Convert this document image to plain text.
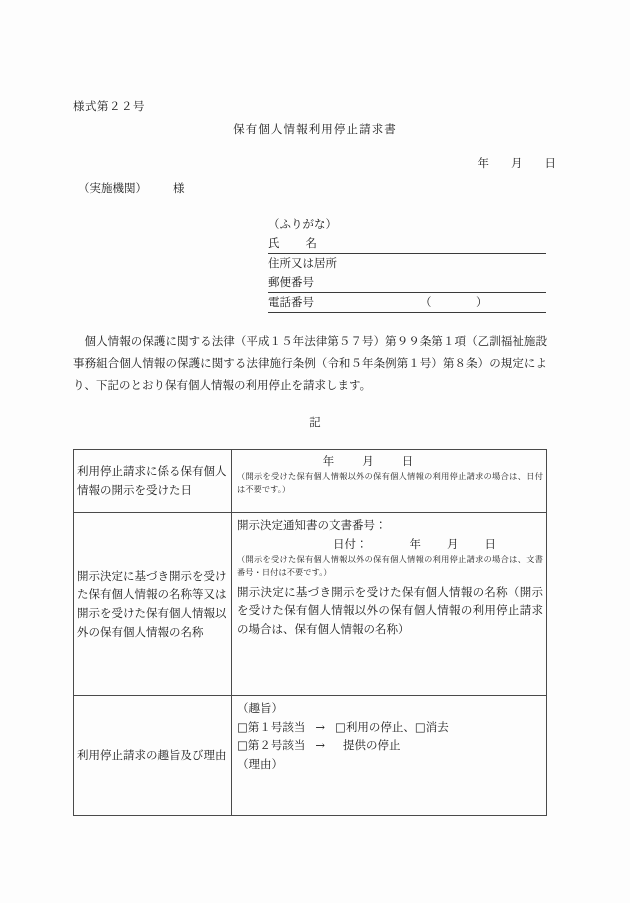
様式第２２号
保有個人情報利用停止請求書
年 月 日
（実施機関） 様
（ふりがな）
氏 名
住所又は居所
郵便番号
電話番号	（	）
個人情報の保護に関する法律（平成１５年法律第５７号）第９９条第１項（乙訓福祉施設事務組合個人情報の保護に関する法律施行条例（令和５年条例第１号）第８条）の規定により、下記のとおり保有個人情報の利用停止を請求します。
記
利用停止請求に係る保有個人情報の開示を受けた日	年 月 日
（開示を受けた保有個人情報以外の保有個人情報の利用停止請求の場合は、日付は不要です。）

開示決定に基づき開示を受けた保有個人情報の名称等又は開示を受けた保有個人情報以外の保有個人情報の名称	開示決定通知書の文書番号：
日付： 年 月 日
（開示を受けた保有個人情報以外の保有個人情報の利用停止請求の場合は、文書番号・日付は不要です。）
開示決定に基づき開示を受けた保有個人情報の名称（開示を受けた保有個人情報以外の保有個人情報の利用停止請求の場合は、保有個人情報の名称）

利用停止請求の趣旨及び理由	（趣旨）
□第１号該当 → □利用の停止、□消去
□第２号該当 → 提供の停止
（理由）
